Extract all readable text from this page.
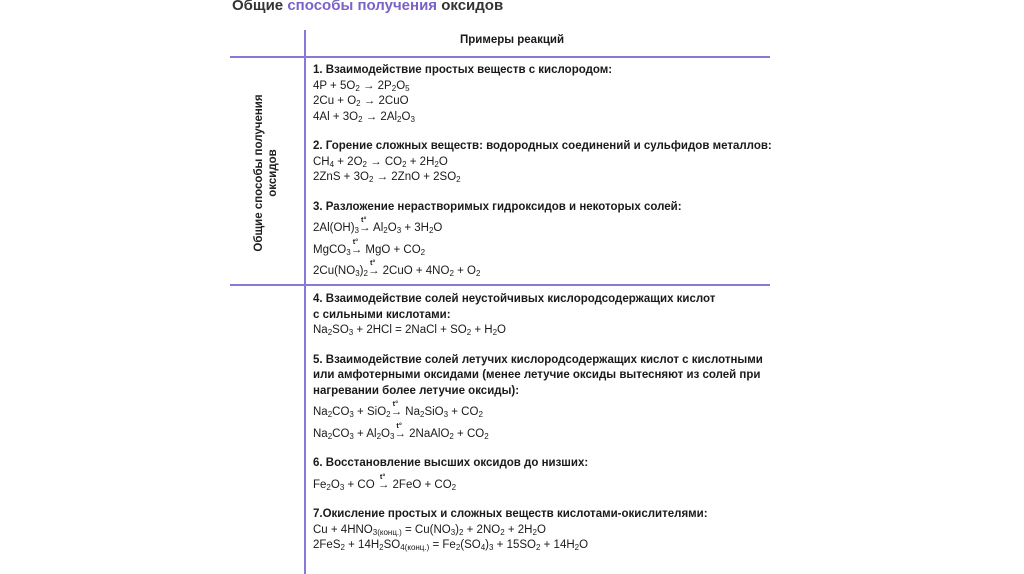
Общие способы получения оксидов
Общие способы получения оксидов
Примеры реакций
1. Взаимодействие простых веществ с кислородом:
$4P + 5O_2 \to 2P_2O_5$
$2Cu + O_2 \to 2CuO$
$4Al + 3O_2 \to 2Al_2O_3$
2. Горение сложных веществ: водородных соединений и сульфидов металлов:
$CH_4 + 2O_2 \to CO_2 + 2H_2O$
$2ZnS + 3O_2 \to 2ZnO + 2SO_2$
3. Разложение нерастворимых гидроксидов и некоторых солей:
$2Al(OH)_3$
t°
→ $Al_2O_3 + 3H_2O$
MgCO$_3$
t°
→ MgO + $CO_2$
$2Cu(NO_3)_2$
t°
→ $2CuO + 4NO_2 + O_2$
4. Взаимодействие солей неустойчивых кислородсодержащих кислот
с сильными кислотами:
$Na_2SO_3 + 2HCl$ = 2NaCl + $SO_2 + H_2O$
5. Взаимодействие солей летучих кислородсодержащих кислот с кислотными
или амфотерными оксидами (менее летучие оксиды вытесняют из солей при
нагревании более летучие оксиды):
$Na_2CO_3 + SiO_2$
t°
→ $Na_2SiO_3 + CO_2$
$Na_2CO_3 + Al_2O_3$
t°
→ 2NaAlO$_2$ + $CO_2$
6. Восстановление высших оксидов до низших:
$Fe_2O_3$ + CO
t°
→ $2FeO + CO_2$
7.Окисление простых и сложных веществ кислотами-окислителями:
$Cu + 4HNO_{3(конц.)} = Cu(NO_3)_2 + 2NO_2 + 2H_2O$
$2FeS_2 + 14H_2SO_{4(конц.)} = Fe_2(SO_4)_3 + 15SO_2 + 14H_2O$
